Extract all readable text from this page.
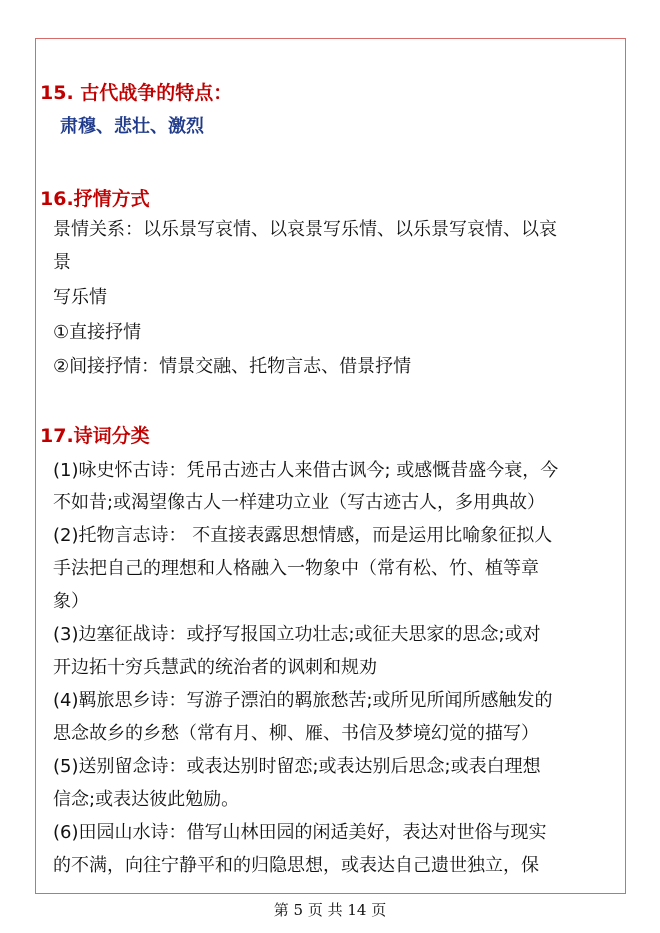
15. 古代战争的特点：
肃穆、悲壮、激烈
16.抒情方式
景情关系：以乐景写哀情、以哀景写乐情、以乐景写哀情、以哀
景
写乐情
①直接抒情
②间接抒情：情景交融、托物言志、借景抒情
17.诗词分类
(1)咏史怀古诗：凭吊古迹古人来借古讽今; 或感慨昔盛今衰，今
不如昔;或渴望像古人一样建功立业（写古迹古人，多用典故）
(2)托物言志诗： 不直接表露思想情感，而是运用比喻象征拟人
手法把自己的理想和人格融入一物象中（常有松、竹、植等章
象）
(3)边塞征战诗：或抒写报国立功壮志;或征夫思家的思念;或对
开边拓十穷兵慧武的统治者的讽刺和规劝
(4)羁旅思乡诗：写游子漂泊的羁旅愁苦;或所见所闻所感触发的
思念故乡的乡愁（常有月、柳、雁、书信及梦境幻觉的描写）
(5)送别留念诗：或表达别时留恋;或表达别后思念;或表白理想
信念;或表达彼此勉励。
(6)田园山水诗：借写山林田园的闲适美好，表达对世俗与现实
的不满，向往宁静平和的归隐思想，或表达自己遗世独立，保
第 5 页 共 14 页
